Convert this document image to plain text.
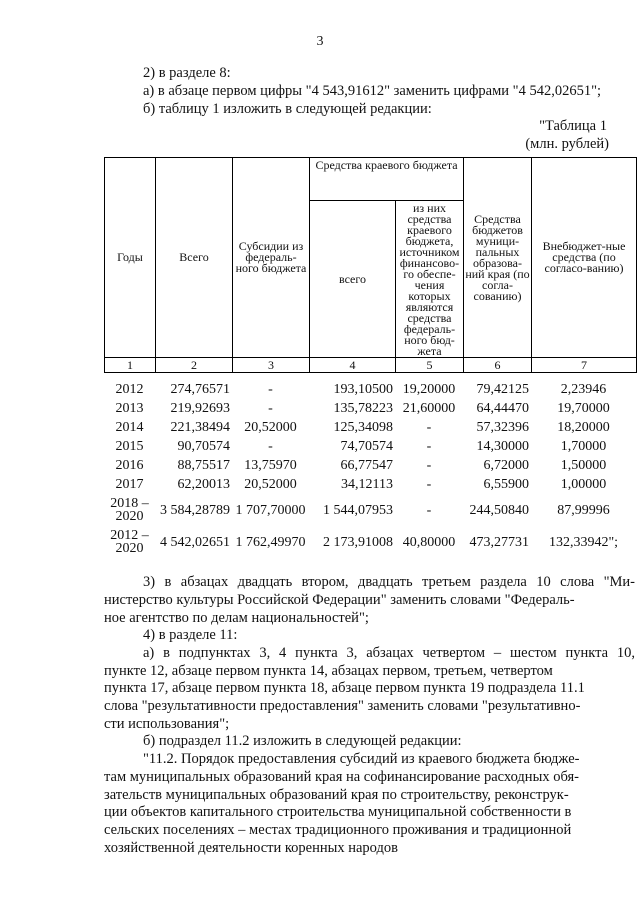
3
2) в разделе 8:
а) в абзаце первом цифры "4 543,91612" заменить цифрами "4 542,02651";
б) таблицу 1 изложить в следующей редакции:
"Таблица 1
(млн. рублей)
Годы	Всего	Субсидии из федераль-ного бюджета	Средства краевого бюджета		Средства бюджетов муници-пальных образова-ний края (по согла-сованию)	Внебюджет-ные средства (по согласо-ванию)
			всего	из них средства краевого бюджета, источником финансово-го обеспе-чения которых являются средства федераль-ного бюд-жета		
1	2	3	4	5	6	7
2012	274,76571	-	193,10500	19,20000	79,42125	2,23946
2013	219,92693	-	135,78223	21,60000	64,44470	19,70000
2014	221,38494	20,52000	125,34098	-	57,32396	18,20000
2015	90,70574	-	74,70574	-	14,30000	1,70000
2016	88,75517	13,75970	66,77547	-	6,72000	1,50000
2017	62,20013	20,52000	34,12113	-	6,55900	1,00000
2018 –
2020	3 584,28789	1 707,70000	1 544,07953	-	244,50840	87,99996
2012 –
2020	4 542,02651	1 762,49970	2 173,91008	40,80000	473,27731	132,33942";
3) в абзацах двадцать втором, двадцать третьем раздела 10 слова "Ми-
нистерство культуры Российской Федерации" заменить словами "Федераль-
ное агентство по делам национальностей";
4) в разделе 11:
а) в подпунктах 3, 4 пункта 3, абзацах четвертом – шестом пункта 10,
пункте 12, абзаце первом пункта 14, абзацах первом, третьем, четвертом
пункта 17, абзаце первом пункта 18, абзаце первом пункта 19 подраздела 11.1
слова "результативности предоставления" заменить словами "результативно-
сти использования";
б) подраздел 11.2 изложить в следующей редакции:
"11.2. Порядок предоставления субсидий из краевого бюджета бюдже-
там муниципальных образований края на софинансирование расходных обя-
зательств муниципальных образований края по строительству, реконструк-
ции объектов капитального строительства муниципальной собственности в
сельских поселениях – местах традиционного проживания и традиционной
хозяйственной деятельности коренных народов
